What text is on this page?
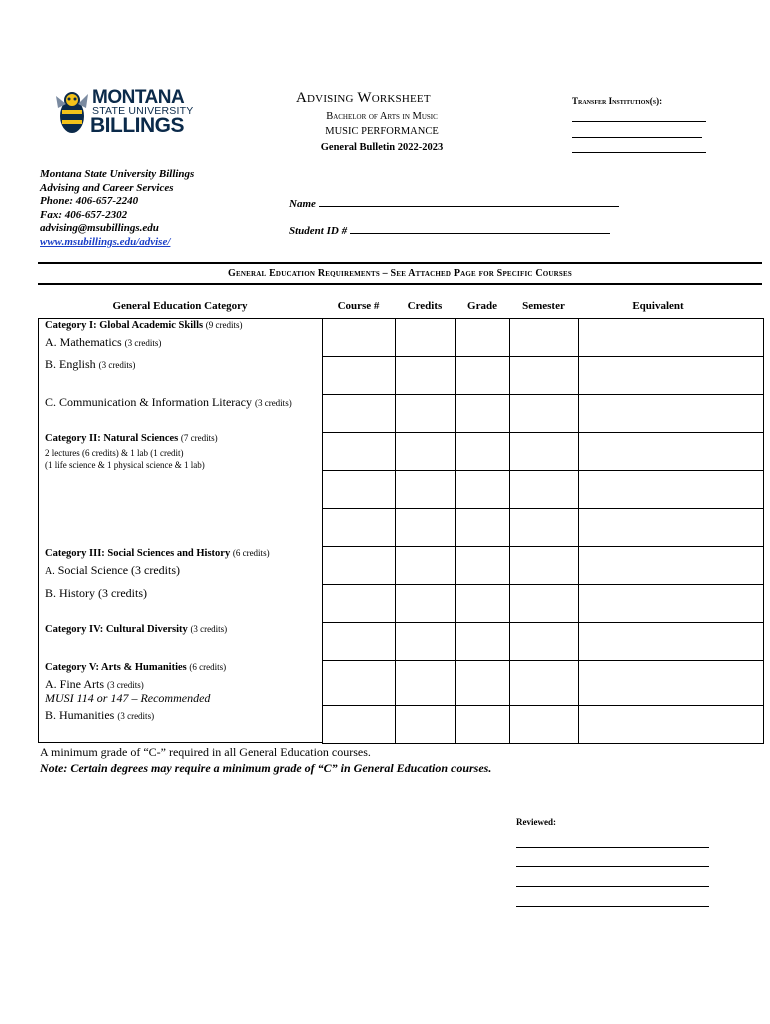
MONTANA
STATE UNIVERSITY
BILLINGS
Advising Worksheet
Bachelor of Arts in Music
MUSIC PERFORMANCE
General Bulletin 2022-2023
Transfer Institution(s):
Montana State University Billings
Advising and Career Services
Phone: 406-657-2240
Fax: 406-657-2302
advising@msubillings.edu
www.msubillings.edu/advise/
Name
Student ID #
General Education Requirements – See Attached Page for Specific Courses
General Education Category	Course #	Credits	Grade	Semester	Equivalent
Category I: Global Academic Skills (9 credits)
A. Mathematics (3 credits)
B. English (3 credits)
C. Communication & Information Literacy (3 credits)
Category II: Natural Sciences (7 credits)
2 lectures (6 credits) & 1 lab (1 credit)
(1 life science & 1 physical science & 1 lab)
Category III: Social Sciences and History (6 credits)
A. Social Science (3 credits)
B. History (3 credits)
Category IV: Cultural Diversity (3 credits)
Category V: Arts & Humanities (6 credits)
A. Fine Arts (3 credits)
MUSI 114 or 147 – Recommended
B. Humanities (3 credits)
A minimum grade of “C-” required in all General Education courses.
Note: Certain degrees may require a minimum grade of “C” in General Education courses.
Reviewed:
